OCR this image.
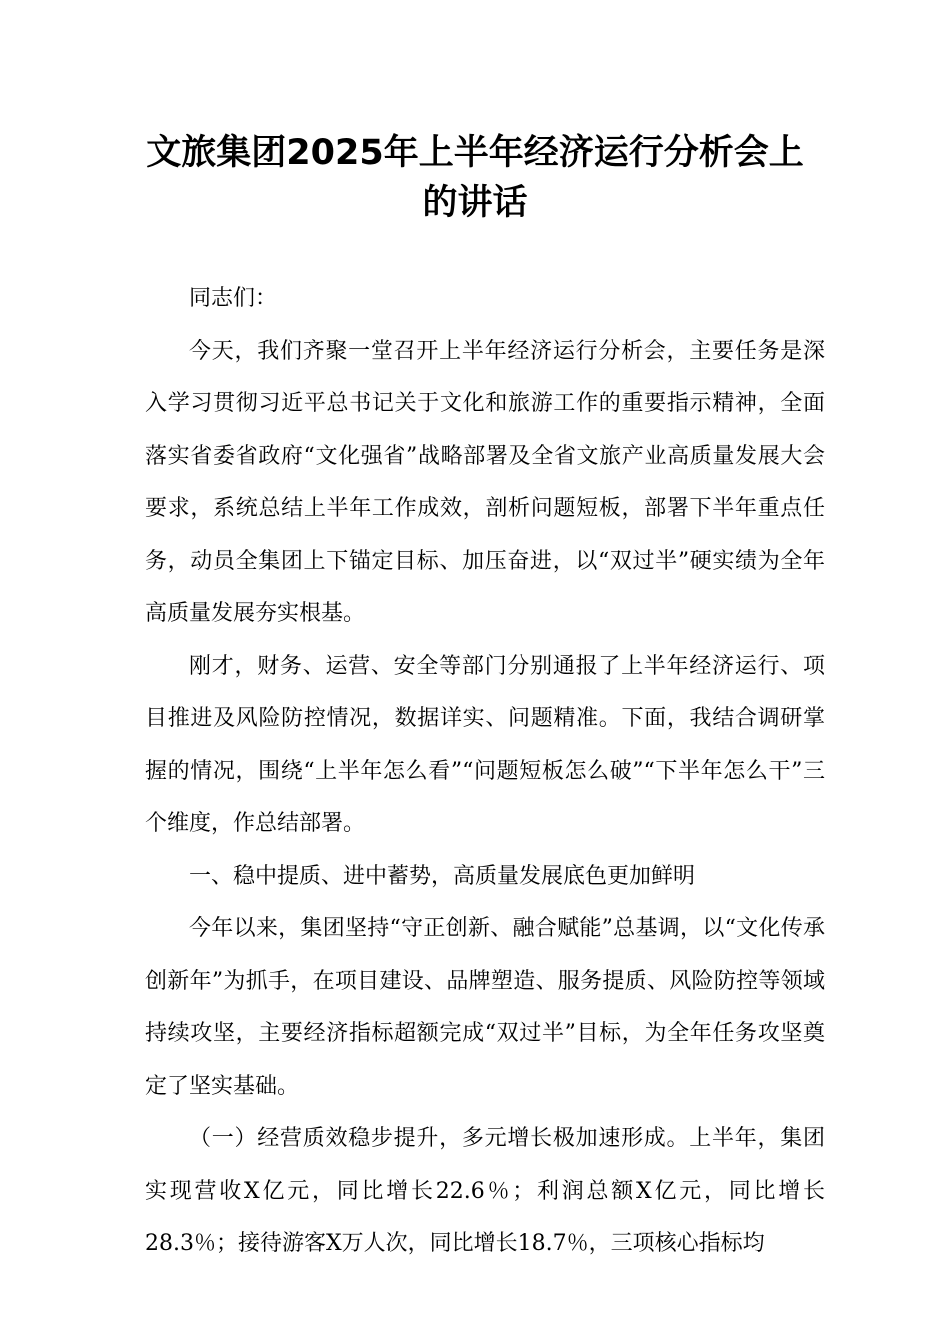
文旅集团2025年上半年经济运行分析会上
的讲话

同志们：

今天，我们齐聚一堂召开上半年经济运行分析会，主要任务是深入学习贯彻习近平总书记关于文化和旅游工作的重要指示精神，全面落实省委省政府“文化强省”战略部署及全省文旅产业高质量发展大会要求，系统总结上半年工作成效，剖析问题短板，部署下半年重点任务，动员全集团上下锚定目标、加压奋进，以“双过半”硬实绩为全年高质量发展夯实根基。

刚才，财务、运营、安全等部门分别通报了上半年经济运行、项目推进及风险防控情况，数据详实、问题精准。下面，我结合调研掌握的情况，围绕“上半年怎么看”“问题短板怎么破”“下半年怎么干”三个维度，作总结部署。

一、稳中提质、进中蓄势，高质量发展底色更加鲜明

今年以来，集团坚持“守正创新、融合赋能”总基调，以“文化传承创新年”为抓手，在项目建设、品牌塑造、服务提质、风险防控等领域持续攻坚，主要经济指标超额完成“双过半”目标，为全年任务攻坚奠定了坚实基础。

（一）经营质效稳步提升，多元增长极加速形成。上半年，集团实现营收X亿元，同比增长22.6％；利润总额X亿元，同比增长28.3％；接待游客X万人次，同比增长18.7％，三项核心指标均
